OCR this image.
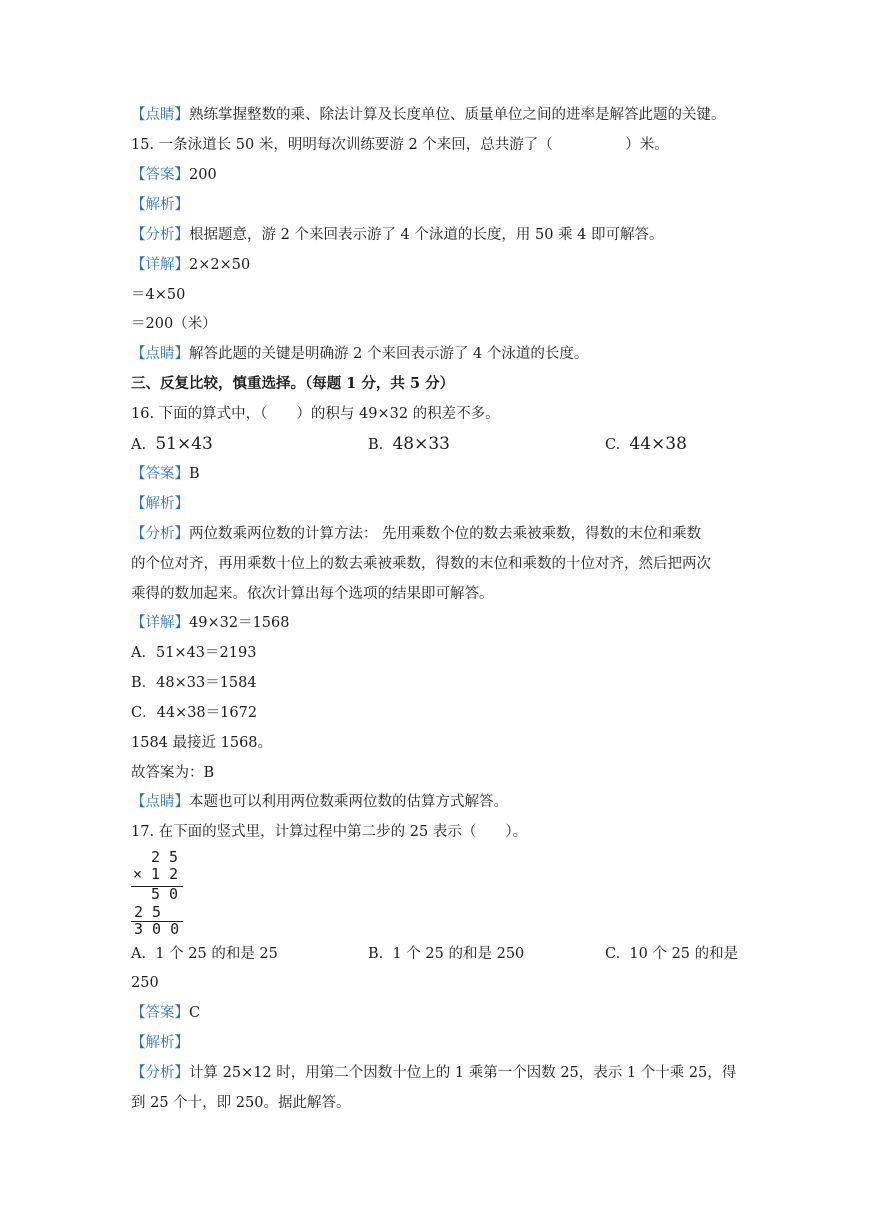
【点睛】熟练掌握整数的乘、除法计算及长度单位、质量单位之间的进率是解答此题的关键。
15. 一条泳道长 50 米，明明每次训练要游 2 个来回，总共游了（　　　　　）米。
【答案】200
【解析】
【分析】根据题意，游 2 个来回表示游了 4 个泳道的长度，用 50 乘 4 即可解答。
【详解】2×2×50
＝4×50
＝200（米）
【点睛】解答此题的关键是明确游 2 个来回表示游了 4 个泳道的长度。
三、反复比较，慎重选择。（每题 1 分，共 5 分）
16. 下面的算式中，（　　）的积与 49×32 的积差不多。
A. 51×43	B. 48×33	C. 44×38
【答案】B
【解析】
【分析】两位数乘两位数的计算方法： 先用乘数个位的数去乘被乘数，得数的末位和乘数
的个位对齐，再用乘数十位上的数去乘被乘数，得数的末位和乘数的十位对齐，然后把两次
乘得的数加起来。依次计算出每个选项的结果即可解答。
【详解】49×32＝1568
A．51×43＝2193
B．48×33＝1584
C．44×38＝1672
1584 最接近 1568。
故答案为：B
【点睛】本题也可以利用两位数乘两位数的估算方式解答。
17. 在下面的竖式里，计算过程中第二步的 25 表示（　　）。
2 5
× 1 2
5 0
2 5
3 0 0
A. 1 个 25 的和是 25	B. 1 个 25 的和是 250	C. 10 个 25 的和是
250
【答案】C
【解析】
【分析】计算 25×12 时，用第二个因数十位上的 1 乘第一个因数 25，表示 1 个十乘 25，得
到 25 个十，即 250。据此解答。
